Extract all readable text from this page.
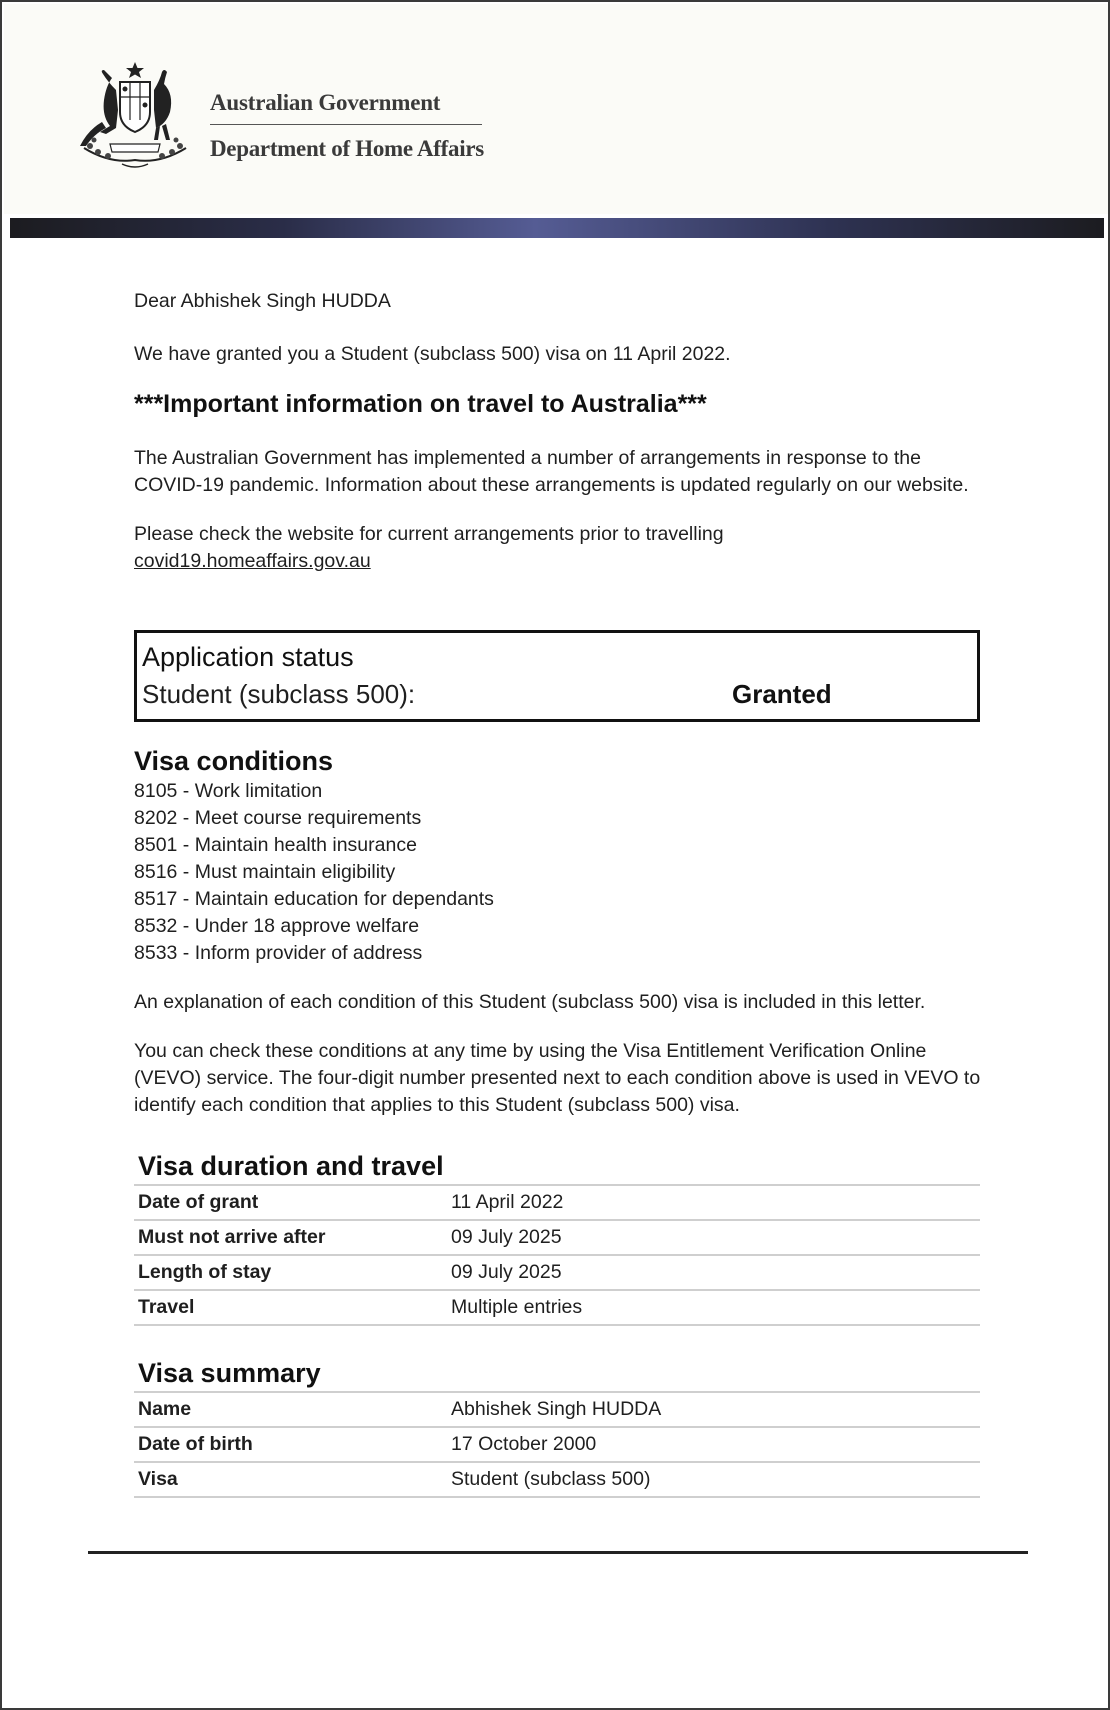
Australian Government
Department of Home Affairs

Dear Abhishek Singh HUDDA

We have granted you a Student (subclass 500) visa on 11 April 2022.

***Important information on travel to Australia***

The Australian Government has implemented a number of arrangements in response to the COVID-19 pandemic. Information about these arrangements is updated regularly on our website.

Please check the website for current arrangements prior to travelling
covid19.homeaffairs.gov.au

Application status
Student (subclass 500):	Granted
Visa conditions
8105 - Work limitation
8202 - Meet course requirements
8501 - Maintain health insurance
8516 - Must maintain eligibility
8517 - Maintain education for dependants
8532 - Under 18 approve welfare
8533 - Inform provider of address

An explanation of each condition of this Student (subclass 500) visa is included in this letter.

You can check these conditions at any time by using the Visa Entitlement Verification Online (VEVO) service. The four-digit number presented next to each condition above is used in VEVO to identify each condition that applies to this Student (subclass 500) visa.

Visa duration and travel
Date of grant	11 April 2022
Must not arrive after	09 July 2025
Length of stay	09 July 2025
Travel	Multiple entries
Visa summary
Name	Abhishek Singh HUDDA
Date of birth	17 October 2000
Visa	Student (subclass 500)
